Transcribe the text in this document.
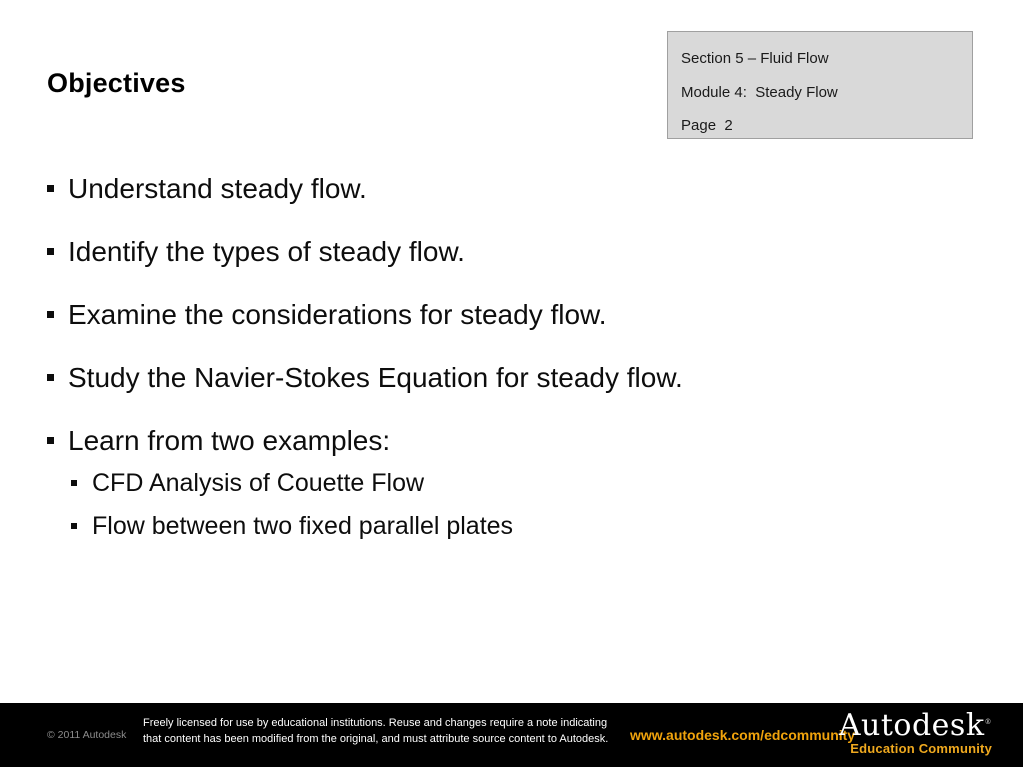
Section 5 – Fluid Flow
Module 4:  Steady Flow
Page  2
Objectives
Understand steady flow.
Identify the types of steady flow.
Examine the considerations for steady flow.
Study the Navier-Stokes Equation for steady flow.
Learn from two examples:
CFD Analysis of Couette Flow
Flow between two fixed parallel plates
© 2011 Autodesk
Freely licensed for use by educational institutions. Reuse and changes require a note indicating
that content has been modified from the original, and must attribute source content to Autodesk. www.autodesk.com/edcommunity
Autodesk®
Education Community
